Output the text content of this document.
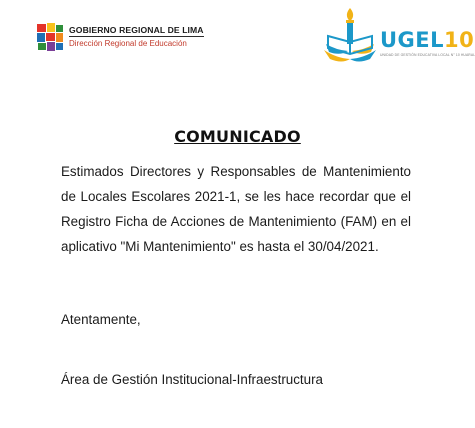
GOBIERNO REGIONAL DE LIMA
Dirección Regional de Educación	UGEL10
UNIDAD DE GESTIÓN EDUCATIVA LOCAL N° 10 HUARAL
COMUNICADO
Estimados Directores y Responsables de Mantenimiento de Locales Escolares 2021-1, se les hace recordar que el Registro Ficha de Acciones de Mantenimiento (FAM) en el aplicativo "Mi Mantenimiento" es hasta el 30/04/2021.
Atentamente,
Área de Gestión Institucional-Infraestructura
